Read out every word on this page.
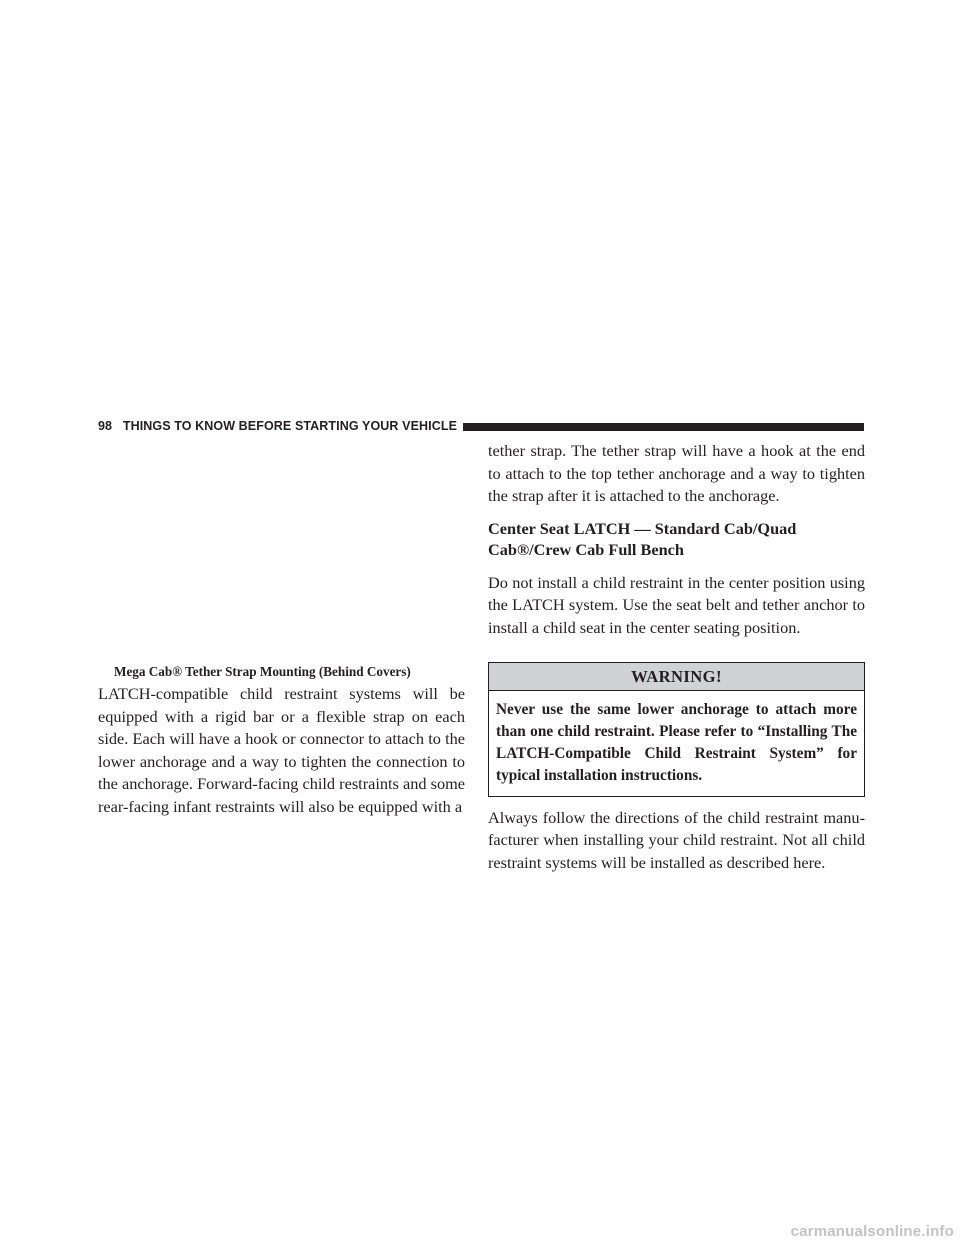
98 THINGS TO KNOW BEFORE STARTING YOUR VEHICLE
Mega Cab® Tether Strap Mounting (Behind Covers)

LATCH-compatible child restraint systems will be equipped with a rigid bar or a flexible strap on each side. Each will have a hook or connector to attach to the lower anchorage and a way to tighten the connection to the anchorage. Forward-facing child restraints and some rear-facing infant restraints will also be equipped with a

tether strap. The tether strap will have a hook at the end to attach to the top tether anchorage and a way to tighten the strap after it is attached to the anchorage.

Center Seat LATCH — Standard Cab/Quad
Cab®/Crew Cab Full Bench

Do not install a child restraint in the center position using the LATCH system. Use the seat belt and tether anchor to install a child seat in the center seating position.

WARNING!
Never use the same lower anchorage to attach more than one child restraint. Please refer to “Installing The LATCH-Compatible Child Restraint System” for typical installation instructions.

Always follow the directions of the child restraint manu- facturer when installing your child restraint. Not all child restraint systems will be installed as described here.

carmanualsonline.info
